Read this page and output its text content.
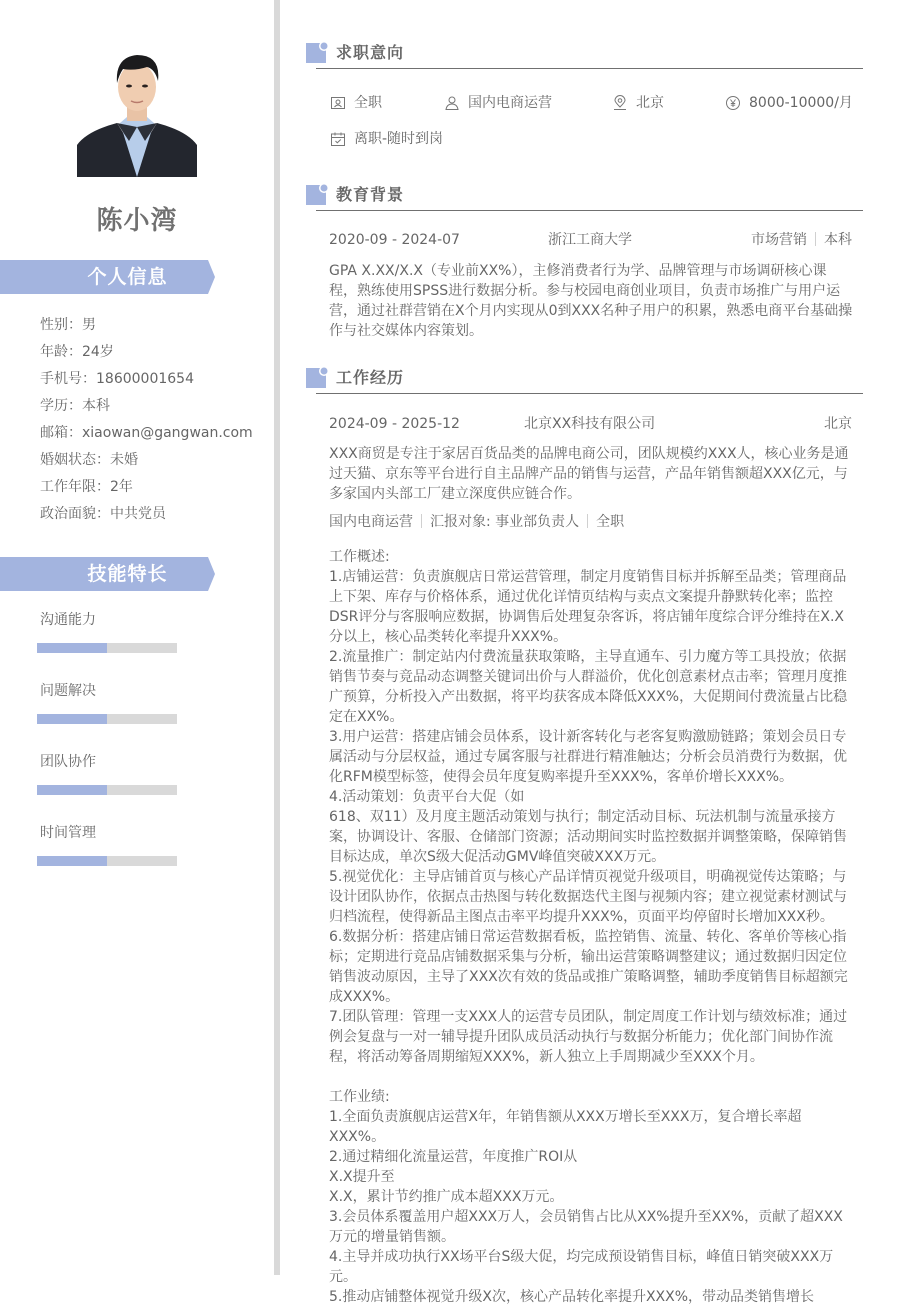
陈小湾
个人信息
性别：男
年龄：24岁
手机号：18600001654
学历：本科
邮箱：xiaowan@gangwan.com
婚姻状态：未婚
工作年限：2年
政治面貌：中共党员
技能特长
沟通能力
问题解决
团队协作
时间管理
求职意向
全职	国内电商运营	北京	8000-10000/月
离职-随时到岗
教育背景
2020-09 - 2024-07	浙江工商大学	市场营销 本科
GPA X.XX/X.X（专业前XX%），主修消费者行为学、品牌管理与市场调研核心课程，熟练使用SPSS进行数据分析。参与校园电商创业项目，负责市场推广与用户运营，通过社群营销在X个月内实现从0到XXX名种子用户的积累，熟悉电商平台基础操作与社交媒体内容策划。
工作经历
2024-09 - 2025-12	北京XX科技有限公司	北京
XXX商贸是专注于家居百货品类的品牌电商公司，团队规模约XXX人，核心业务是通过天猫、京东等平台进行自主品牌产品的销售与运营，产品年销售额超XXX亿元，与多家国内头部工厂建立深度供应链合作。
国内电商运营 汇报对象: 事业部负责人 全职

工作概述:

1.店铺运营：负责旗舰店日常运营管理，制定月度销售目标并拆解至品类；管理商品上下架、库存与价格体系，通过优化详情页结构与卖点文案提升静默转化率；监控DSR评分与客服响应数据，协调售后处理复杂客诉，将店铺年度综合评分维持在X.X分以上，核心品类转化率提升XXX%。

2.流量推广：制定站内付费流量获取策略，主导直通车、引力魔方等工具投放；依据销售节奏与竞品动态调整关键词出价与人群溢价，优化创意素材点击率；管理月度推广预算，分析投入产出数据，将平均获客成本降低XXX%，大促期间付费流量占比稳定在XX%。

3.用户运营：搭建店铺会员体系，设计新客转化与老客复购激励链路；策划会员日专属活动与分层权益，通过专属客服与社群进行精准触达；分析会员消费行为数据，优化RFM模型标签，使得会员年度复购率提升至XXX%，客单价增长XXX%。

4.活动策划：负责平台大促（如

618、双11）及月度主题活动策划与执行；制定活动目标、玩法机制与流量承接方案，协调设计、客服、仓储部门资源；活动期间实时监控数据并调整策略，保障销售目标达成，单次S级大促活动GMV峰值突破XXX万元。

5.视觉优化：主导店铺首页与核心产品详情页视觉升级项目，明确视觉传达策略；与设计团队协作，依据点击热图与转化数据迭代主图与视频内容；建立视觉素材测试与归档流程，使得新品主图点击率平均提升XXX%，页面平均停留时长增加XXX秒。

6.数据分析：搭建店铺日常运营数据看板，监控销售、流量、转化、客单价等核心指标；定期进行竞品店铺数据采集与分析，输出运营策略调整建议；通过数据归因定位销售波动原因，主导了XXX次有效的货品或推广策略调整，辅助季度销售目标超额完成XXX%。

7.团队管理：管理一支XXX人的运营专员团队，制定周度工作计划与绩效标准；通过例会复盘与一对一辅导提升团队成员活动执行与数据分析能力；优化部门间协作流程，将活动筹备周期缩短XXX%，新人独立上手周期减少至XXX个月。

工作业绩:

1.全面负责旗舰店运营X年，年销售额从XXX万增长至XXX万，复合增长率超XXX%。

2.通过精细化流量运营，年度推广ROI从

X.X提升至

X.X，累计节约推广成本超XXX万元。

3.会员体系覆盖用户超XXX万人，会员销售占比从XX%提升至XX%，贡献了超XXX万元的增量销售额。

4.主导并成功执行XX场平台S级大促，均完成预设销售目标，峰值日销突破XXX万元。

5.推动店铺整体视觉升级X次，核心产品转化率提升XXX%，带动品类销售增长
